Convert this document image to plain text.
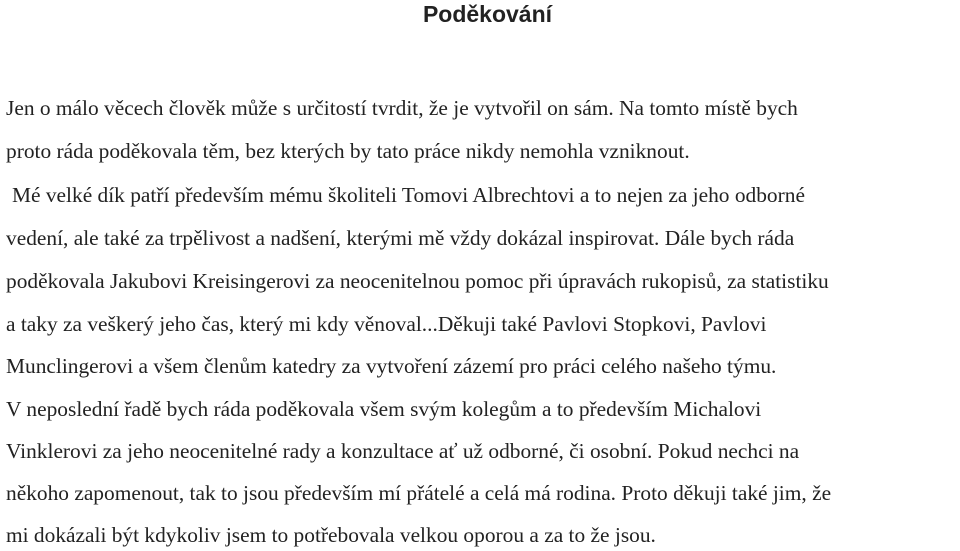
Poděkování
Jen o málo věcech člověk může s určitostí tvrdit, že je vytvořil on sám. Na tomto místě bych
proto ráda poděkovala těm, bez kterých by tato práce nikdy nemohla vzniknout.
Mé velké dík patří především mému školiteli Tomovi Albrechtovi a to nejen za jeho odborné
vedení, ale také za trpělivost a nadšení, kterými mě vždy dokázal inspirovat. Dále bych ráda
poděkovala Jakubovi Kreisingerovi za neocenitelnou pomoc při úpravách rukopisů, za statistiku
a taky za veškerý jeho čas, který mi kdy věnoval...Děkuji také Pavlovi Stopkovi, Pavlovi
Munclingerovi a všem členům katedry za vytvoření zázemí pro práci celého našeho týmu.
V neposlední řadě bych ráda poděkovala všem svým kolegům a to především Michalovi
Vinklerovi za jeho neocenitelné rady a konzultace ať už odborné, či osobní. Pokud nechci na
někoho zapomenout, tak to jsou především mí přátelé a celá má rodina. Proto děkuji také jim, že
mi dokázali být kdykoliv jsem to potřebovala velkou oporou a za to že jsou.
